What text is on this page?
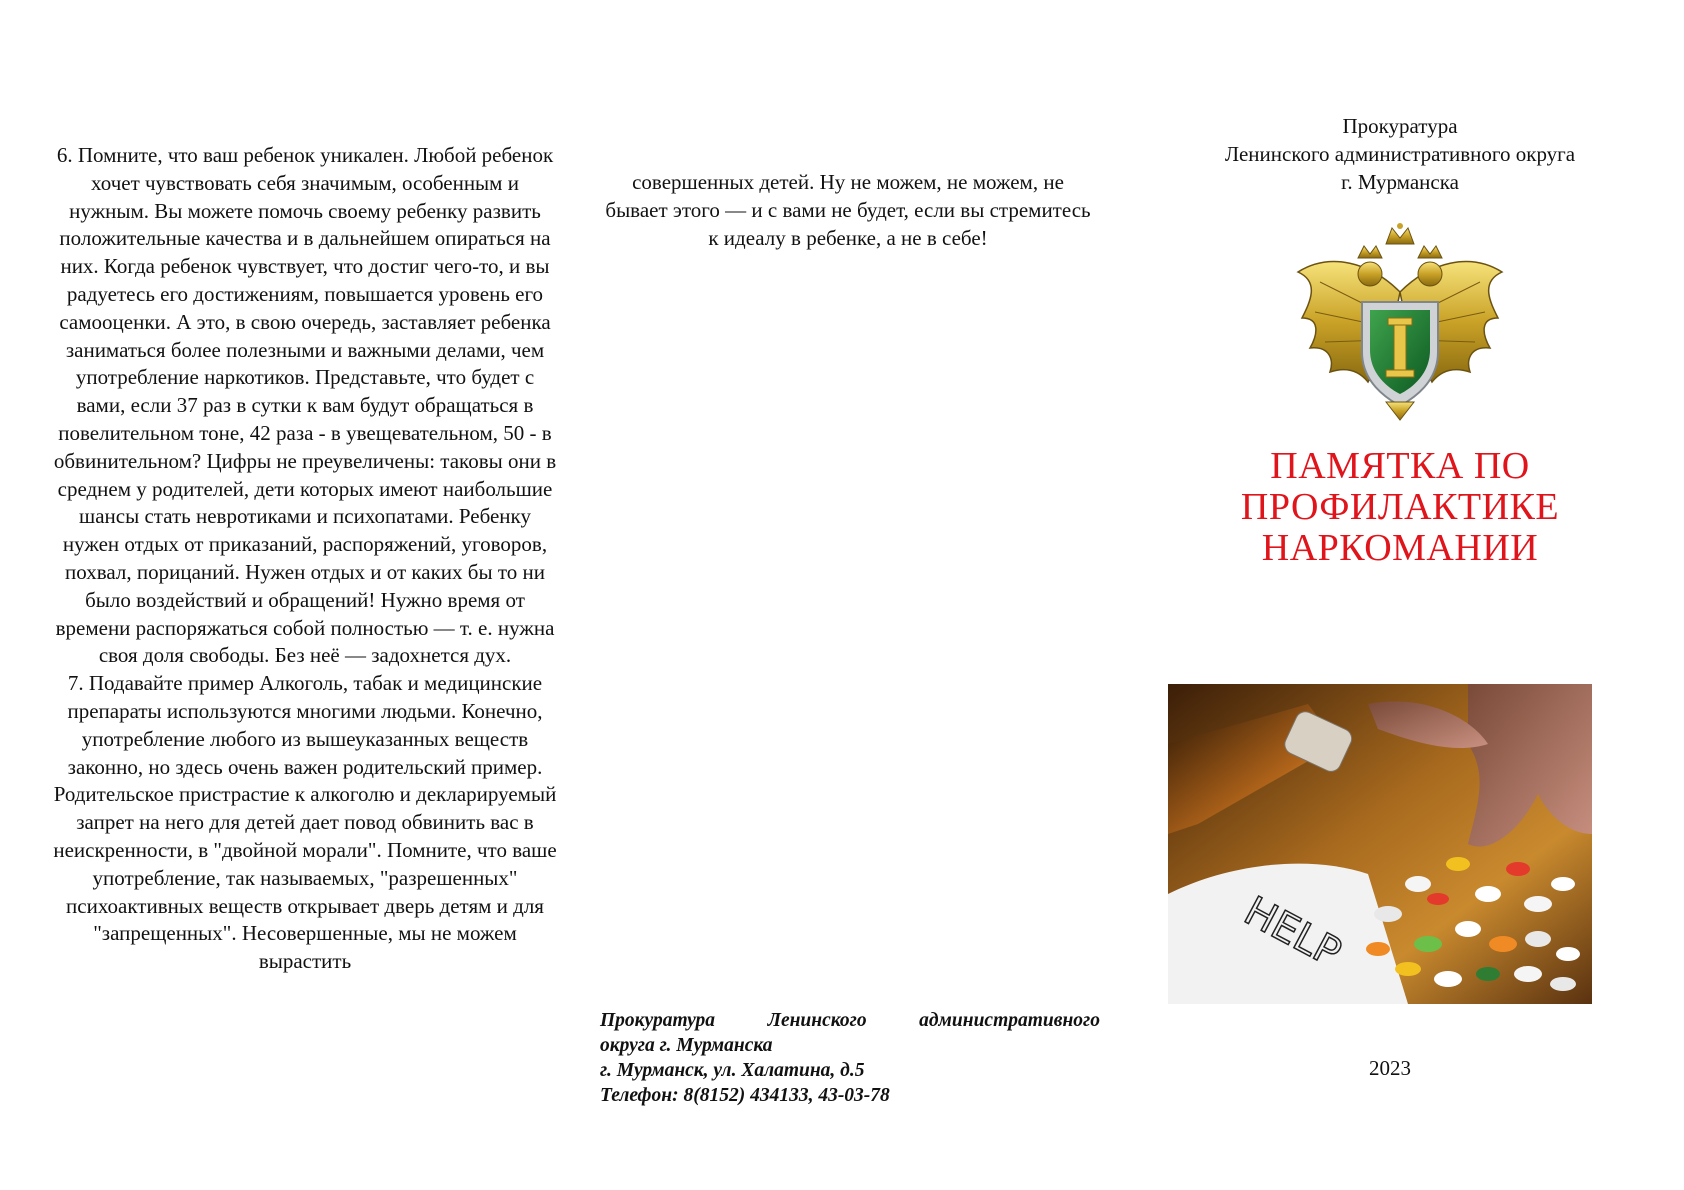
6. Помните, что ваш ребенок уникален. Любой ребенок хочет чувствовать себя значимым, особенным и нужным. Вы можете помочь своему ребенку развить положительные качества и в дальнейшем опираться на них. Когда ребенок чувствует, что достиг чего-то, и вы радуетесь его достижениям, повышается уровень его самооценки. А это, в свою очередь, заставляет ребенка заниматься более полезными и важными делами, чем употребление наркотиков. Представьте, что будет с вами, если 37 раз в сутки к вам будут обращаться в повелительном тоне, 42 раза - в увещевательном, 50 - в обвинительном? Цифры не преувеличены: таковы они в среднем у родителей, дети которых имеют наибольшие шансы стать невротиками и психопатами. Ребенку нужен отдых от приказаний, распоряжений, уговоров, похвал, порицаний. Нужен отдых и от каких бы то ни было воздействий и обращений! Нужно время от времени распоряжаться собой полностью — т. е. нужна своя доля свободы. Без неё — задохнется дух.

7. Подавайте пример Алкоголь, табак и медицинские препараты используются многими людьми. Конечно, употребление любого из вышеуказанных веществ законно, но здесь очень важен родительский пример. Родительское пристрастие к алкоголю и декларируемый запрет на него для детей дает повод обвинить вас в неискренности, в "двойной морали". Помните, что ваше употребление, так называемых, "разрешенных" психоактивных веществ открывает дверь детям и для "запрещенных". Несовершенные, мы не можем вырастить

совершенных детей. Ну не можем, не можем, не бывает этого — и с вами не будет, если вы стремитесь к идеалу в ребенке, а не в себе!
Прокуратура	Ленинского	административного
округа г. Мурманска
г. Мурманск, ул. Халатина, д.5
Телефон: 8(8152) 434133, 43-03-78
Прокуратура
Ленинского административного округа
г. Мурманска
ПАМЯТКА ПО
ПРОФИЛАКТИКЕ
НАРКОМАНИИ
HELP
2023
